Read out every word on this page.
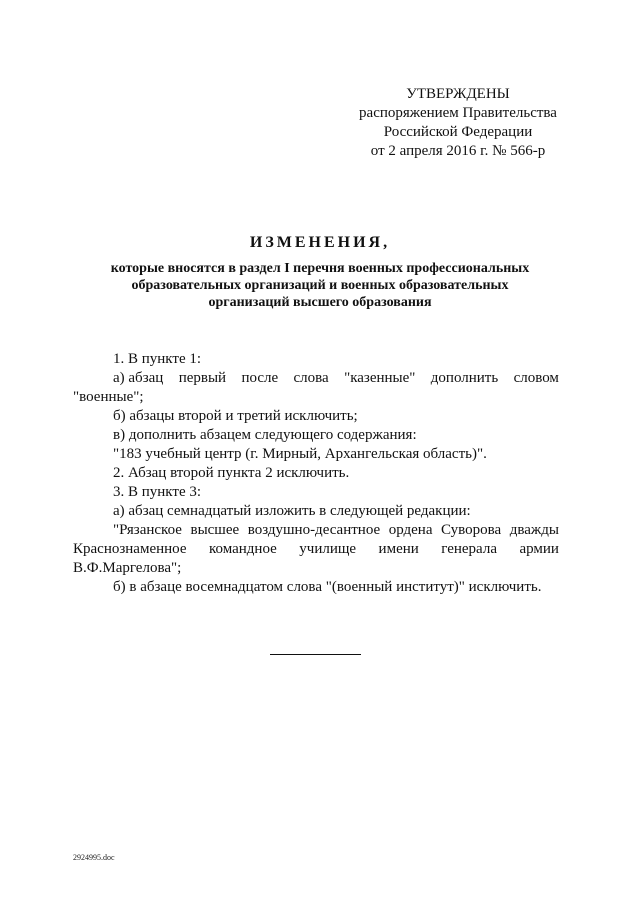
УТВЕРЖДЕНЫ
распоряжением Правительства
Российской Федерации
от 2 апреля 2016 г. № 566-р
ИЗМЕНЕНИЯ,
которые вносятся в раздел I перечня военных профессиональных
образовательных организаций и военных образовательных
организаций высшего образования
1. В пункте 1:
а) абзац первый после слова "казенные" дополнить словом
"военные";
б) абзацы второй и третий исключить;
в) дополнить абзацем следующего содержания:
"183 учебный центр (г. Мирный, Архангельская область)".
2. Абзац второй пункта 2 исключить.
3. В пункте 3:
а) абзац семнадцатый изложить в следующей редакции:
"Рязанское высшее воздушно-десантное ордена Суворова дважды
Краснознаменное командное училище имени генерала армии
В.Ф.Маргелова";
б) в абзаце восемнадцатом слова "(военный институт)" исключить.
2924995.doc
